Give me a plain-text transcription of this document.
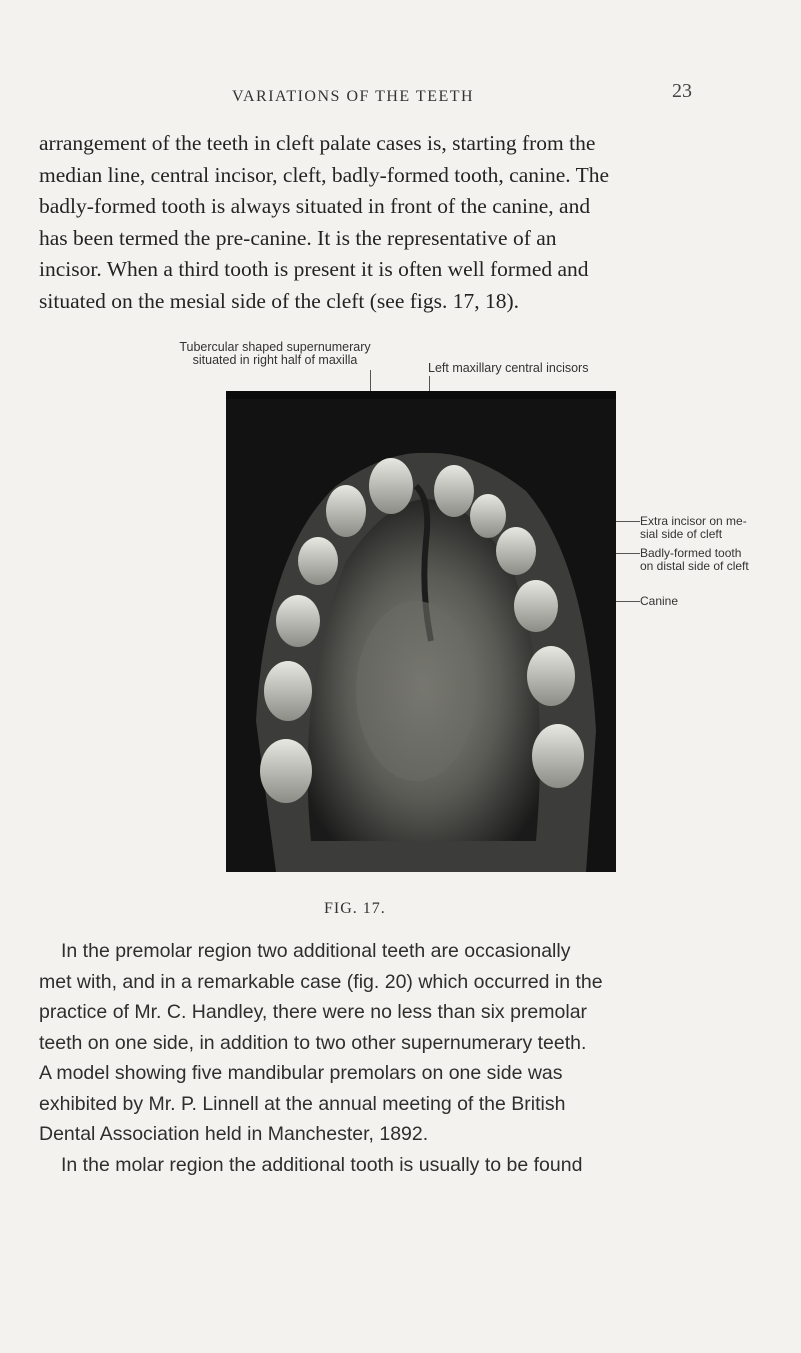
VARIATIONS OF THE TEETH	23

arrangement of the teeth in cleft palate cases is, starting from the
median line, central incisor, cleft, badly-formed tooth, canine. The
badly-formed tooth is always situated in front of the canine, and
has been termed the pre-canine. It is the representative of an
incisor. When a third tooth is present it is often well formed and
situated on the mesial side of the cleft (see figs. 17, 18).

Tubercular shaped supernumerary
situated in right half of maxilla
Left maxillary central incisors
Extra incisor on me-
sial side of cleft
Badly-formed tooth
on distal side of cleft
Canine
FIG. 17.

In the premolar region two additional teeth are occasionally
met with, and in a remarkable case (fig. 20) which occurred in the
practice of Mr. C. Handley, there were no less than six premolar
teeth on one side, in addition to two other supernumerary teeth.
A model showing five mandibular premolars on one side was
exhibited by Mr. P. Linnell at the annual meeting of the British
Dental Association held in Manchester, 1892.
In the molar region the additional tooth is usually to be found
